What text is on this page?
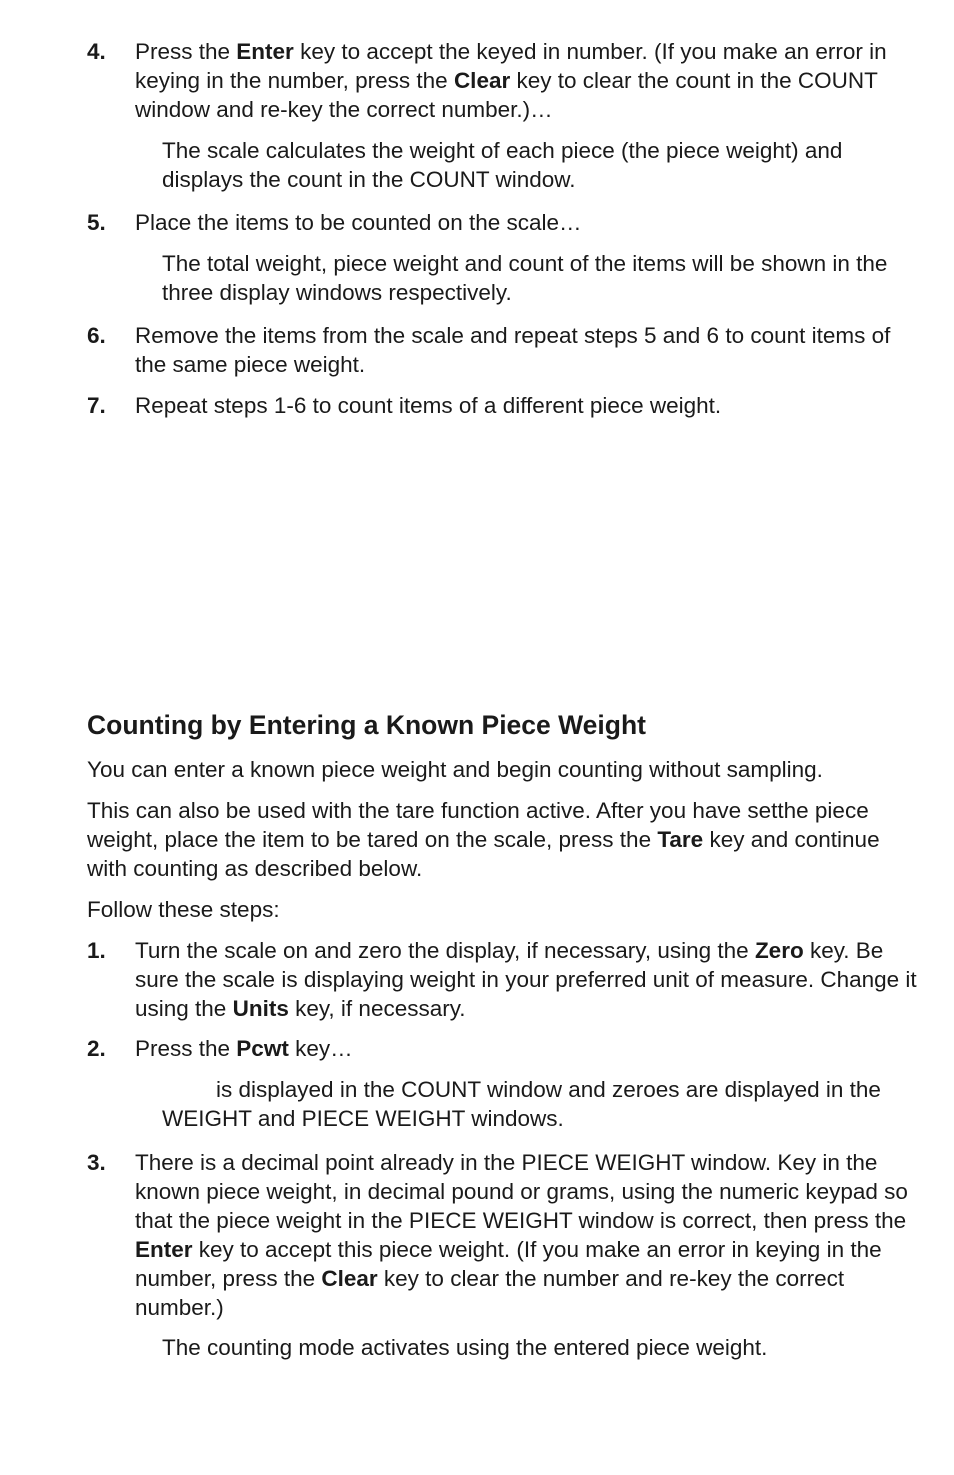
4. Press the Enter key to accept the keyed in number. (If you make an error in keying in the number, press the Clear key to clear the count in the COUNT window and re-key the correct number.)…
The scale calculates the weight of each piece (the piece weight) and displays the count in the COUNT window.
5. Place the items to be counted on the scale…
The total weight, piece weight and count of the items will be shown in the three display windows respectively.
6. Remove the items from the scale and repeat steps 5 and 6 to count items of the same piece weight.
7. Repeat steps 1-6 to count items of a different piece weight.
Counting by Entering a Known Piece Weight
You can enter a known piece weight and begin counting without sampling.
This can also be used with the tare function active. After you have setthe piece weight, place the item to be tared on the scale, press the Tare key and continue with counting as described below.
Follow these steps:
1. Turn the scale on and zero the display, if necessary, using the Zero key. Be sure the scale is displaying weight in your preferred unit of measure. Change it using the Units key, if necessary.
2. Press the Pcwt key…
is displayed in the COUNT window and zeroes are displayed in the WEIGHT and PIECE WEIGHT windows.
3. There is a decimal point already in the PIECE WEIGHT window. Key in the known piece weight, in decimal pound or grams, using the numeric keypad so that the piece weight in the PIECE WEIGHT window is correct, then press the Enter key to accept this piece weight. (If you make an error in keying in the number, press the Clear key to clear the number and re-key the correct number.)
The counting mode activates using the entered piece weight.
